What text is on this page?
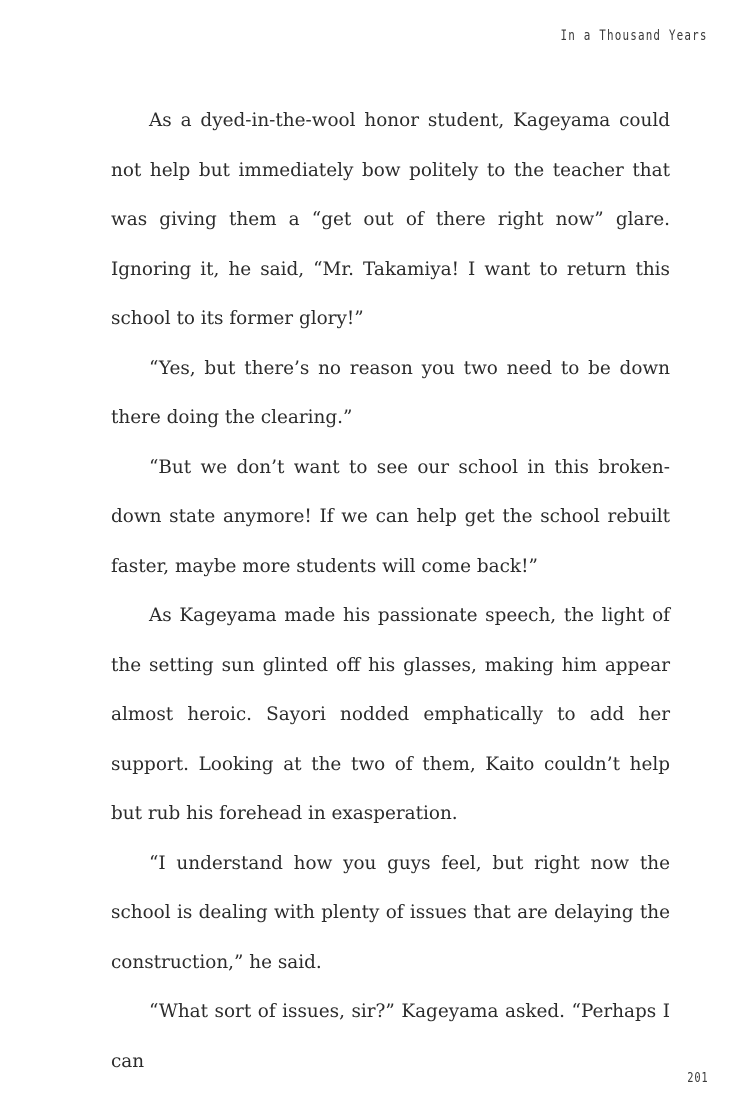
In a Thousand Years

As a dyed-in-the-wool honor student, Kageyama could not help but immediately bow politely to the teacher that was giving them a “get out of there right now” glare. Ignoring it, he said, “Mr. Takamiya! I want to return this school to its former glory!”

“Yes, but there’s no reason you two need to be down there doing the clearing.”

“But we don’t want to see our school in this broken-down state anymore! If we can help get the school rebuilt faster, maybe more students will come back!”

As Kageyama made his passionate speech, the light of the setting sun glinted off his glasses, making him appear almost heroic. Sayori nodded emphatically to add her support. Looking at the two of them, Kaito couldn’t help but rub his forehead in exasperation.

“I understand how you guys feel, but right now the school is dealing with plenty of issues that are delaying the construction,” he said.

“What sort of issues, sir?” Kageyama asked. “Perhaps I can

201
